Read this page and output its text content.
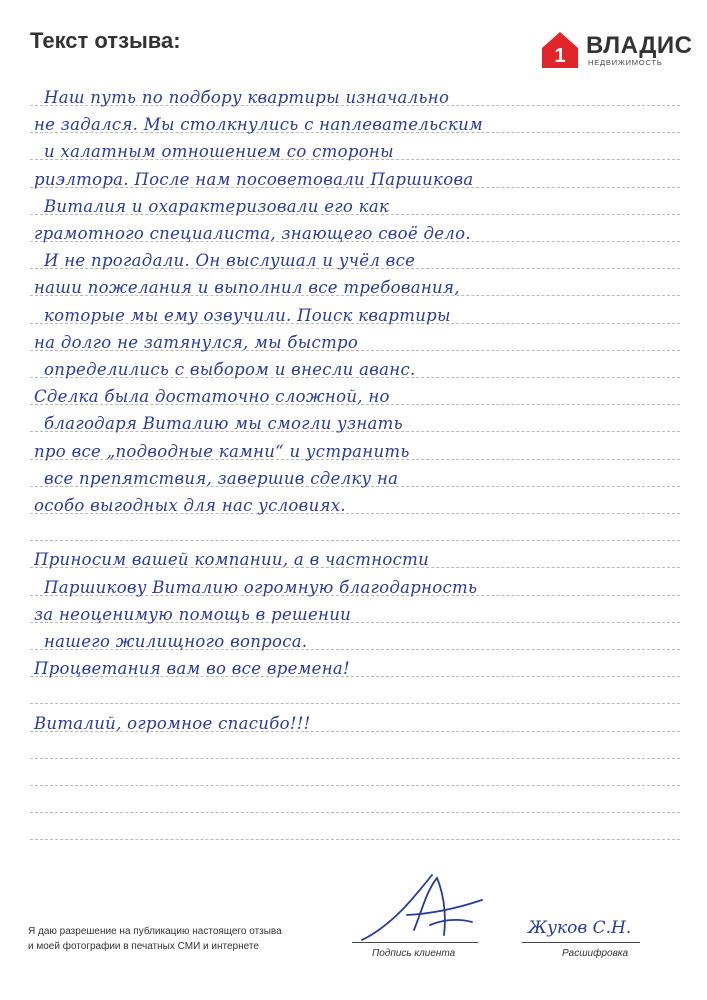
Текст отзыва:
1 ВЛАДИС
НЕДВИЖИМОСТЬ
Наш путь по подбору квартиры изначально
не задался. Мы столкнулись с наплевательским
и халатным отношением со стороны
риэлтора. После нам посоветовали Паршикова
Виталия и охарактеризовали его как
грамотного специалиста, знающего своё дело.
И не прогадали. Он выслушал и учёл все
наши пожелания и выполнил все требования,
которые мы ему озвучили. Поиск квартиры
на долго не затянулся, мы быстро
определились с выбором и внесли аванс.
Сделка была достаточно сложной, но
благодаря Виталию мы смогли узнать
про все „подводные камни“ и устранить
все препятствия, завершив сделку на
особо выгодных для нас условиях.
Приносим вашей компании, а в частности
Паршикову Виталию огромную благодарность
за неоценимую помощь в решении
нашего жилищного вопроса.
Процветания вам во все времена!
Виталий, огромное спасибо!!!
Я даю разрешение на публикацию настоящего отзыва
и моей фотографии в печатных СМИ и интернете
Жуков С.Н.
Подпись клиента	Расшифровка
